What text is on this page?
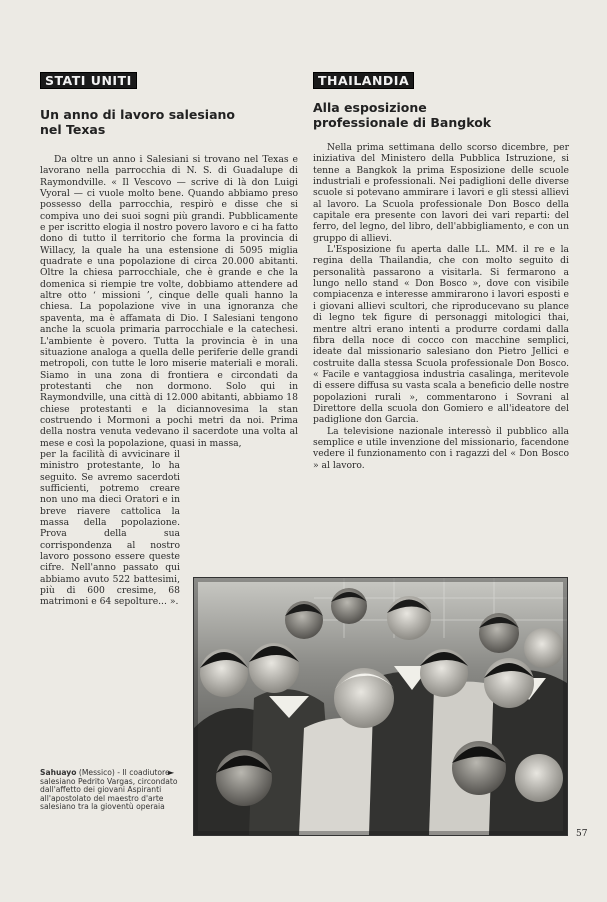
STATI UNITI
Un anno di lavoro salesiano nel Texas

Da oltre un anno i Salesiani si trovano nel Texas e lavorano nella parrocchia di N. S. di Guadalupe di Raymondville. « Il Vescovo — scrive di là don Luigi Vyoral — ci vuole molto bene. Quando abbiamo preso possesso della parrocchia, respirò e disse che si compiva uno dei suoi sogni più grandi. Pubblicamente e per iscritto elogia il nostro povero lavoro e ci ha fatto dono di tutto il territorio che forma la provincia di Willacy, la quale ha una estensione di 5095 miglia quadrate e una popolazione di circa 20.000 abitanti. Oltre la chiesa parrocchiale, che è grande e che la domenica si riempie tre volte, dobbiamo attendere ad altre otto ‘ missioni ’, cinque delle quali hanno la chiesa. La popolazione vive in una ignoranza che spaventa, ma è affamata di Dio. I Salesiani tengono anche la scuola primaria parrocchiale e la catechesi. L'ambiente è povero. Tutta la provincia è in una situazione analoga a quella delle periferie delle grandi metropoli, con tutte le loro miserie materiali e morali. Siamo in una zona di frontiera e circondati da protestanti che non dormono. Solo qui in Raymondville, una città di 12.000 abitanti, abbiamo 18 chiese protestanti e la diciannovesima la stan costruendo i Mormoni a pochi metri da noi. Prima della nostra venuta vedevano il sacerdote una volta al mese e così la popolazione, quasi in massa,

per la facilità di avvicinare il ministro protestante, lo ha seguito. Se avremo sacerdoti sufficienti, potremo creare non uno ma dieci Oratori e in breve riavere cattolica la massa della popolazione. Prova della sua corrispondenza al nostro lavoro possono essere queste cifre. Nell'anno passato qui abbiamo avuto 522 battesimi, più di 600 cresime, 68 matrimoni e 64 sepolture... ».

THAILANDIA
Alla esposizione professionale di Bangkok

Nella prima settimana dello scorso dicembre, per iniziativa del Ministero della Pubblica Istruzione, si tenne a Bangkok la prima Esposizione delle scuole industriali e professionali. Nei padiglioni delle diverse scuole si potevano ammirare i lavori e gli stessi allievi al lavoro. La Scuola professionale Don Bosco della capitale era presente con lavori dei vari reparti: del ferro, del legno, del libro, dell'abbigliamento, e con un gruppo di allievi.

L'Esposizione fu aperta dalle LL. MM. il re e la regina della Thailandia, che con molto seguito di personalità passarono a visitarla. Si fermarono a lungo nello stand « Don Bosco », dove con visibile compiacenza e interesse ammirarono i lavori esposti e i giovani allievi scultori, che riproducevano su plance di legno tek figure di personaggi mitologici thai, mentre altri erano intenti a produrre cordami dalla fibra della noce di cocco con macchine semplici, ideate dal missionario salesiano don Pietro Jellici e costruite dalla stessa Scuola professionale Don Bosco. « Facile e vantaggiosa industria casalinga, meritevole di essere diffusa su vasta scala a beneficio delle nostre popolazioni rurali », commentarono i Sovrani al Direttore della scuola don Gomiero e all'ideatore del padiglione don Garcia.

La televisione nazionale interessò il pubblico alla semplice e utile invenzione del missionario, facendone vedere il funzionamento con i ragazzi del « Don Bosco » al lavoro.

►
Sahuayo (Messico) - Il coadiutore salesiano Pedrito Vargas, circondato dall'affetto dei giovani Aspiranti all'apostolato del maestro d'arte salesiano tra la gioventù operaia
57
